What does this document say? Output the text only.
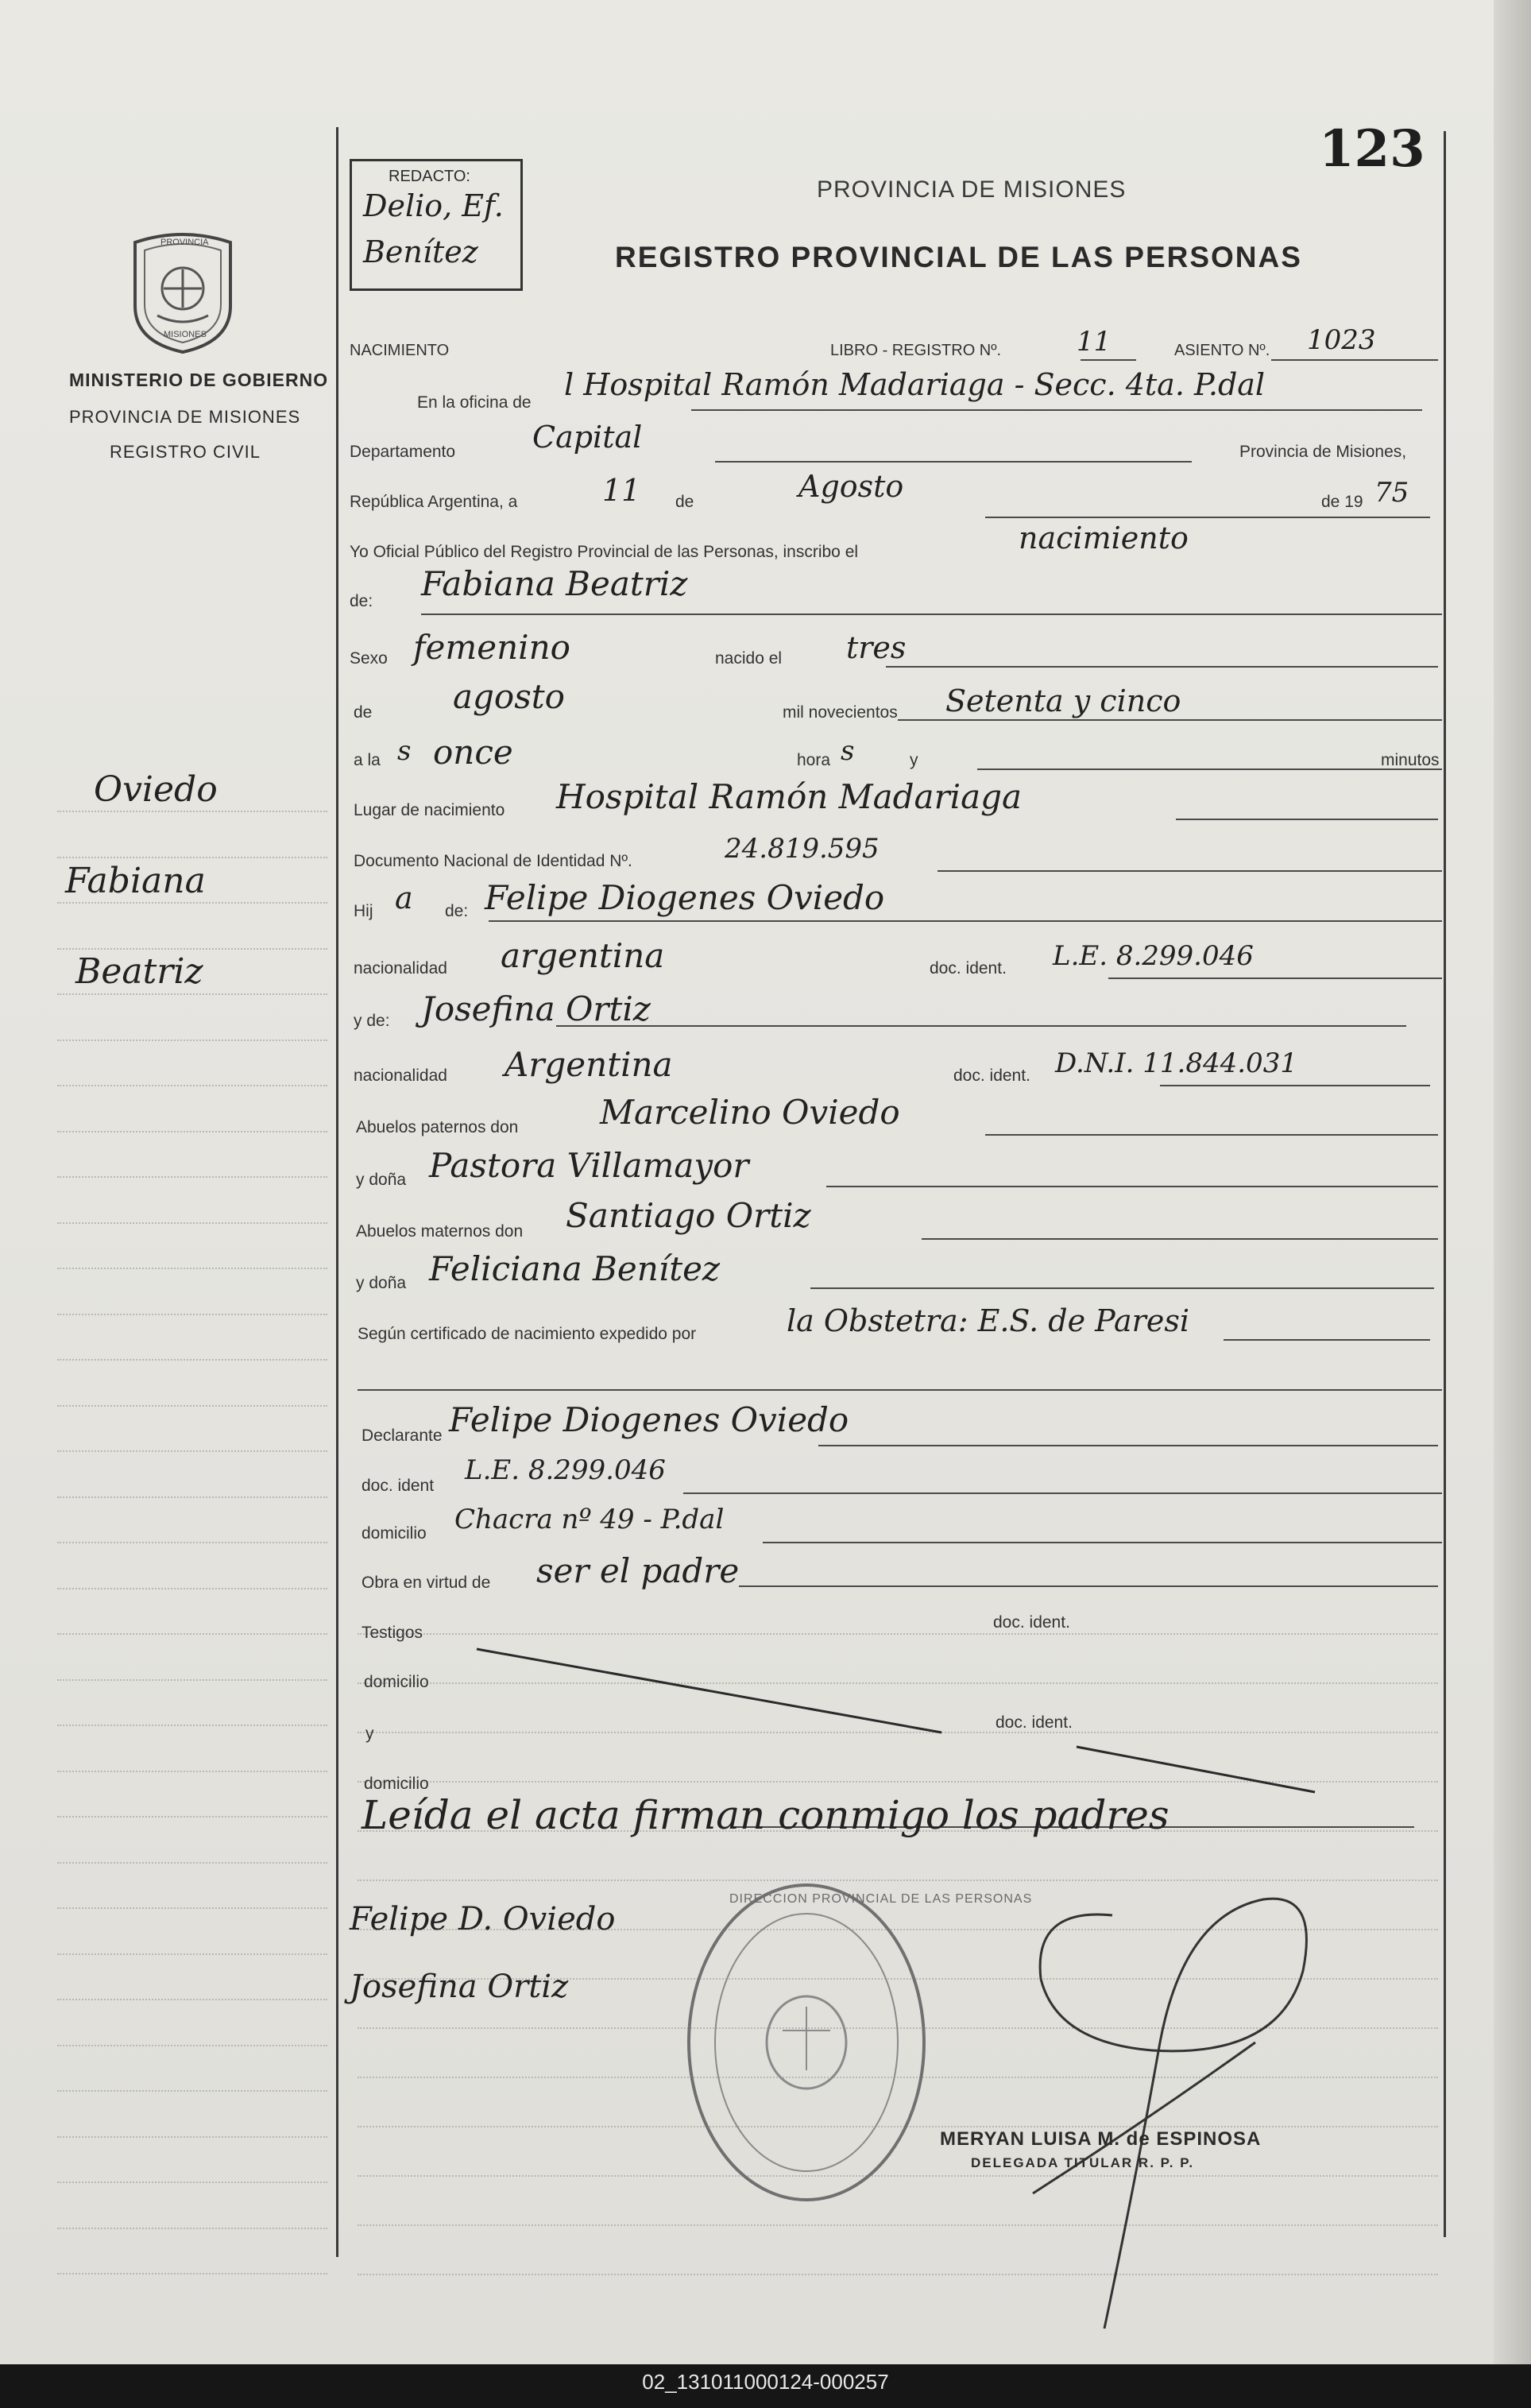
123
REDACTO:
Delio, Ef.
Benítez
PROVINCIA DE MISIONES
REGISTRO PROVINCIAL DE LAS PERSONAS
PROVINCIA
MISIONES
MINISTERIO DE GOBIERNO
PROVINCIA DE MISIONES
REGISTRO CIVIL
Oviedo
Fabiana
Beatriz
NACIMIENTO	LIBRO - REGISTRO Nº.	11	ASIENTO Nº. 1023
En la oficina de
l Hospital Ramón Madariaga - Secc. 4ta. P.dal
Departamento	Capital	Provincia de Misiones,
República Argentina, a	11 de	Agosto	de 19 75
Yo Oficial Público del Registro Provincial de las Personas, inscribo el	nacimiento
de: Fabiana Beatriz
Sexo femenino	nacido el tres
de agosto	mil novecientos Setenta y cinco
a la s once	hora s	y	minutos
Lugar de nacimiento Hospital Ramón Madariaga
Documento Nacional de Identidad Nº.	24.819.595
Hij a de: Felipe Diogenes Oviedo
nacionalidad argentina	doc. ident. L.E. 8.299.046
y de: Josefina Ortiz
nacionalidad Argentina	doc. ident. D.N.I. 11.844.031
Abuelos paternos don Marcelino Oviedo
y doña Pastora Villamayor
Abuelos maternos don Santiago Ortiz
y doña Feliciana Benítez
Según certificado de nacimiento expedido por	la Obstetra: E.S. de Paresi
Declarante Felipe Diogenes Oviedo
doc. ident L.E. 8.299.046
domicilio Chacra nº 49 - P.dal
Obra en virtud de ser el padre
Testigos
doc. ident.
domicilio
y
doc. ident.
domicilio
Leída el acta firman conmigo los padres
Felipe D. Oviedo
Josefina Ortiz
DIRECCION PROVINCIAL DE LAS PERSONAS
MERYAN LUISA M. de ESPINOSA
DELEGADA TITULAR R. P. P.
02_131011000124-000257
